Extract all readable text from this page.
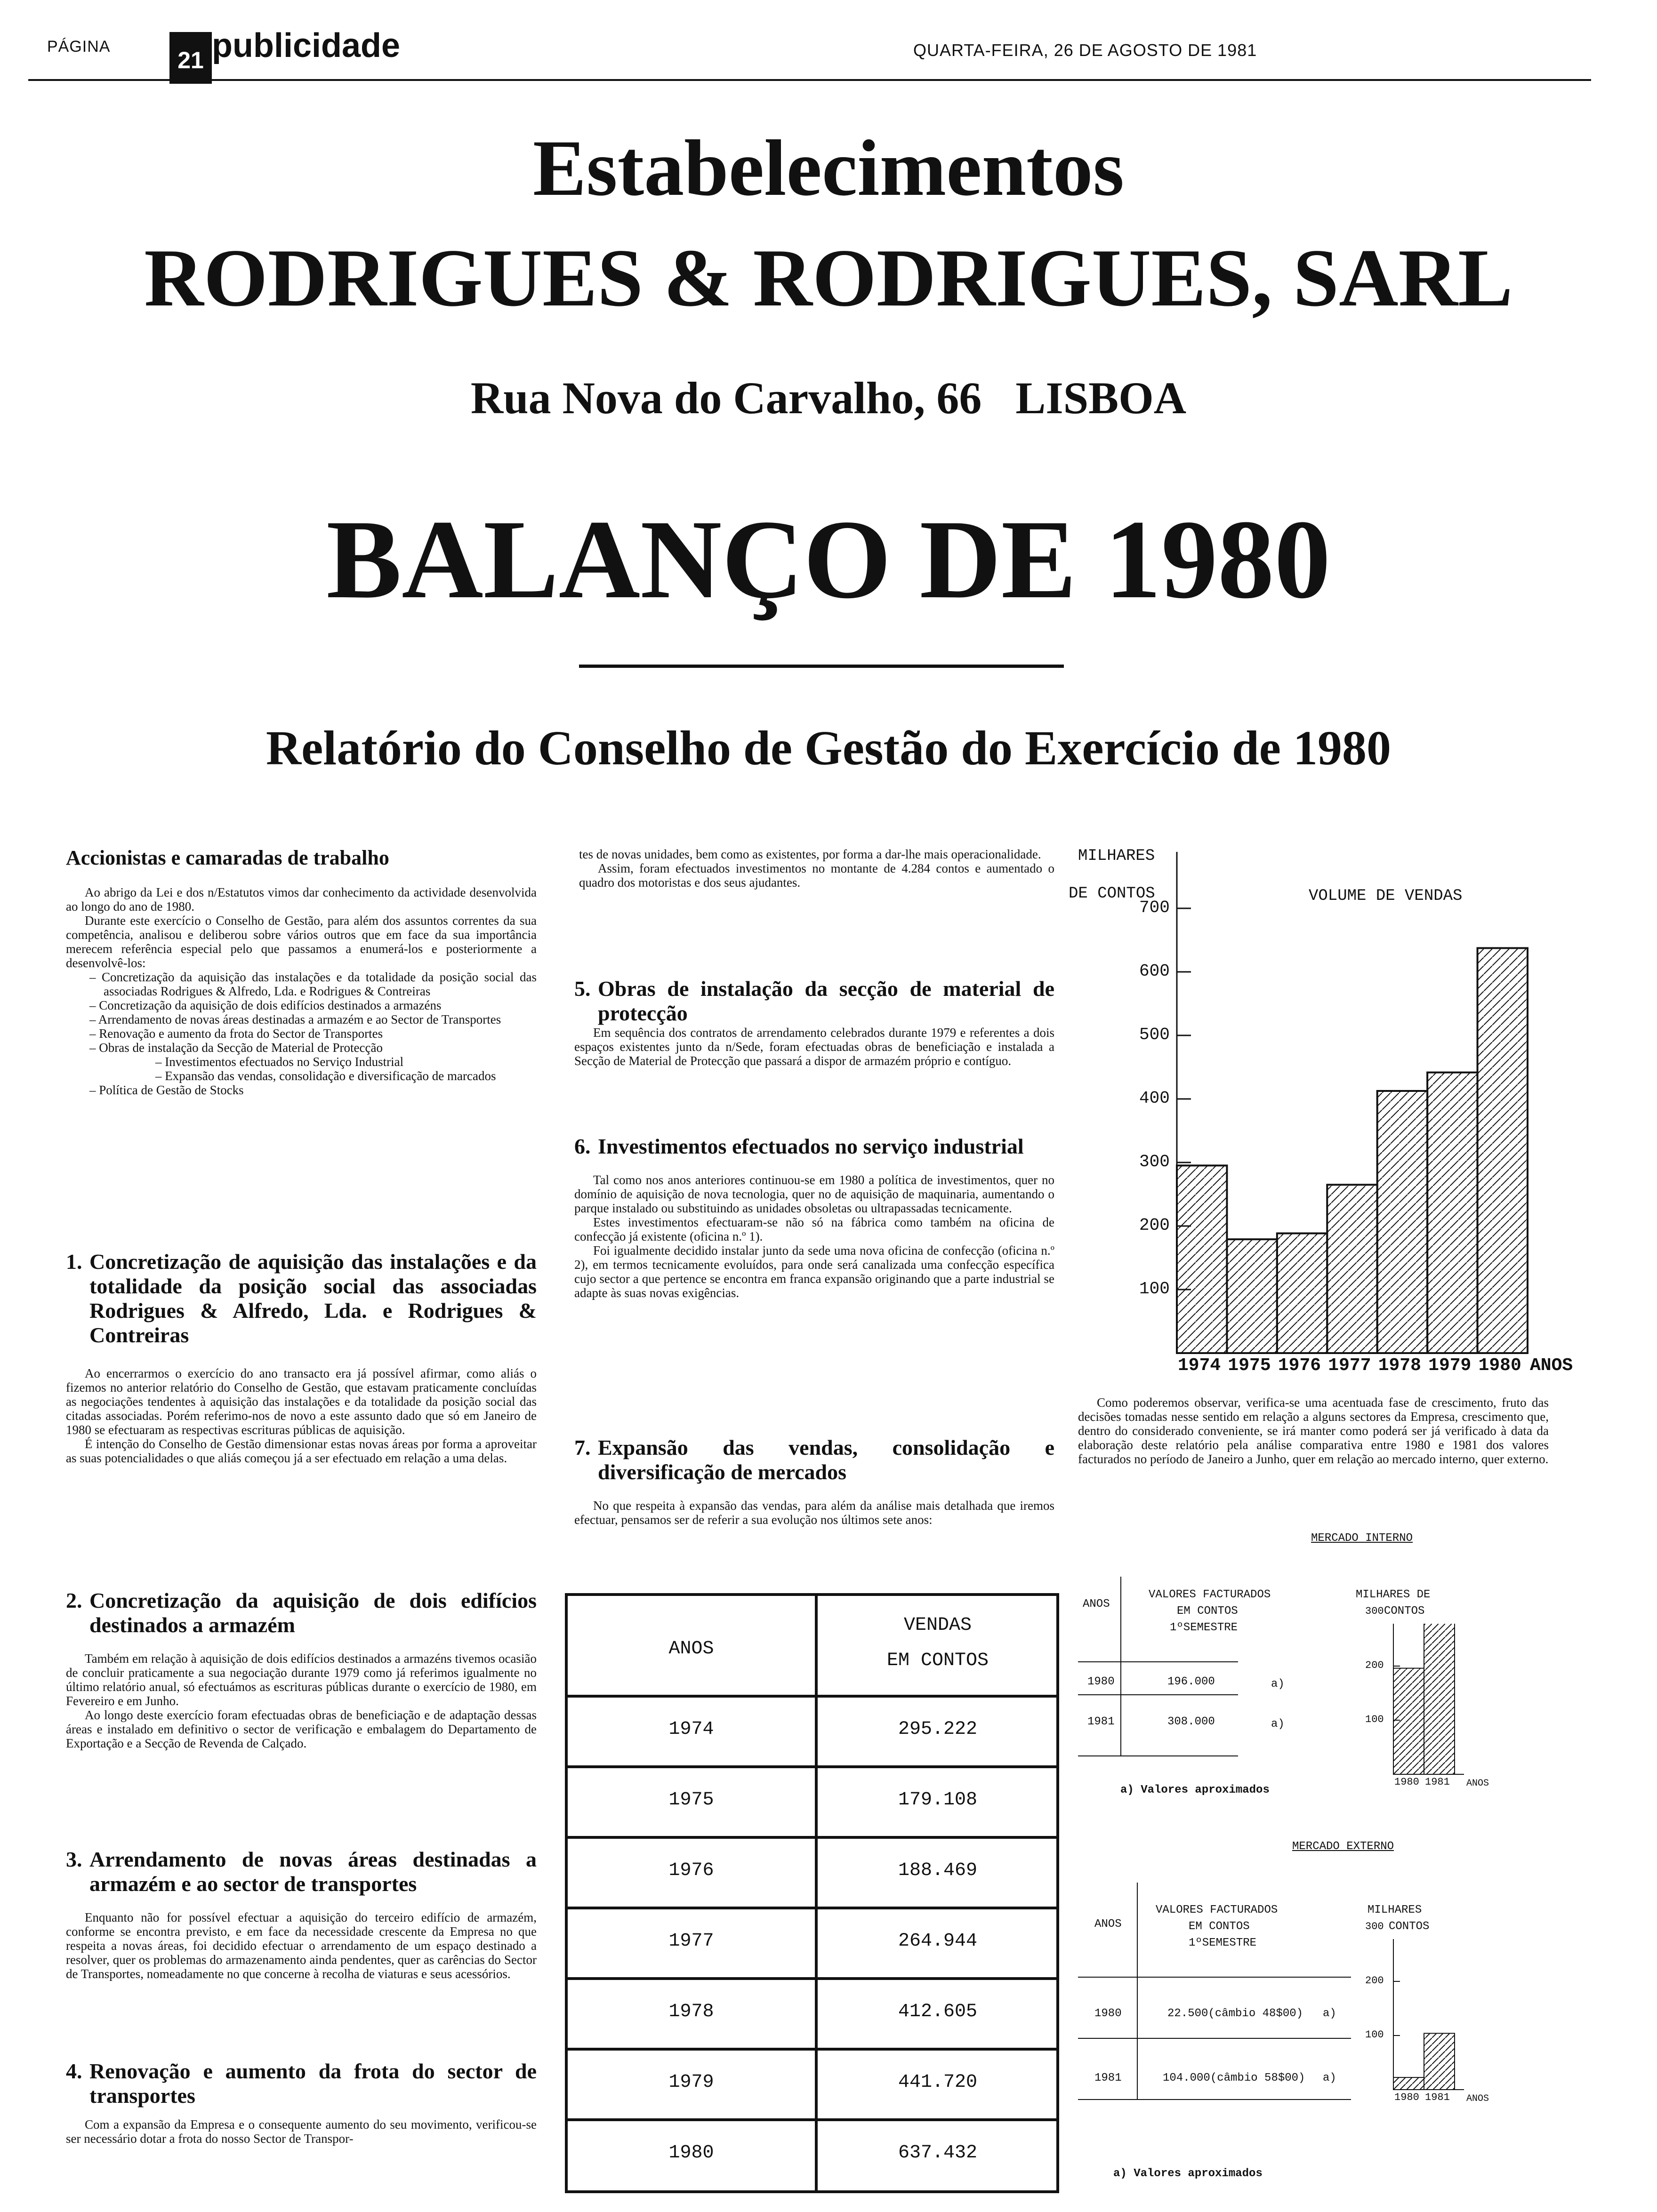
PÁGINA
21 publicidade	QUARTA-FEIRA, 26 DE AGOSTO DE 1981
Estabelecimentos
RODRIGUES & RODRIGUES, SARL
Rua Nova do Carvalho, 66   LISBOA
BALANÇO DE 1980
Relatório do Conselho de Gestão do Exercício de 1980
Accionistas e camaradas de trabalho

Ao abrigo da Lei e dos n/Estatutos vimos dar conhecimento da actividade desenvolvida ao longo do ano de 1980.

Durante este exercício o Conselho de Gestão, para além dos assuntos correntes da sua competência, analisou e deliberou sobre vários outros que em face da sua importância merecem referência especial pelo que passamos a enumerá-los e posteriormente a desenvolvê-los:

– Concretização da aquisição das instalações e da totalidade da posição social das associadas Rodrigues & Alfredo, Lda. e Rodrigues & Contreiras
– Concretização da aquisição de dois edifícios destinados a armazéns
– Arrendamento de novas áreas destinadas a armazém e ao Sector de Transportes
– Renovação e aumento da frota do Sector de Transportes
– Obras de instalação da Secção de Material de Protecção
– Investimentos efectuados no Serviço Industrial
– Expansão das vendas, consolidação e diversificação de marcados
– Política de Gestão de Stocks
1. Concretização de aquisição das instalações e da totalidade da posição social das associadas Rodrigues & Alfredo, Lda. e Rodrigues & Contreiras

Ao encerrarmos o exercício do ano transacto era já possível afirmar, como aliás o fizemos no anterior relatório do Conselho de Gestão, que estavam praticamente concluídas as negociações tendentes à aquisição das instalações e da totalidade da posição social das citadas associadas. Porém referimo-nos de novo a este assunto dado que só em Janeiro de 1980 se efectuaram as respectivas escrituras públicas de aquisição.

É intenção do Conselho de Gestão dimensionar estas novas áreas por forma a aproveitar as suas potencialidades o que aliás começou já a ser efectuado em relação a uma delas.

2. Concretização da aquisição de dois edifícios destinados a armazém

Também em relação à aquisição de dois edifícios destinados a armazéns tivemos ocasião de concluir praticamente a sua negociação durante 1979 como já referimos igualmente no último relatório anual, só efectuámos as escrituras públicas durante o exercício de 1980, em Fevereiro e em Junho.

Ao longo deste exercício foram efectuadas obras de beneficiação e de adaptação dessas áreas e instalado em definitivo o sector de verificação e embalagem do Departamento de Exportação e a Secção de Revenda de Calçado.

3. Arrendamento de novas áreas destinadas a armazém e ao sector de transportes

Enquanto não for possível efectuar a aquisição do terceiro edifício de armazém, conforme se encontra previsto, e em face da necessidade crescente da Empresa no que respeita a novas áreas, foi decidido efectuar o arrendamento de um espaço destinado a resolver, quer os problemas do armazenamento ainda pendentes, quer as carências do Sector de Transportes, nomeadamente no que concerne à recolha de viaturas e seus acessórios.

4. Renovação e aumento da frota do sector de transportes

Com a expansão da Empresa e o consequente aumento do seu movimento, verificou-se ser necessário dotar a frota do nosso Sector de Transpor-

tes de novas unidades, bem como as existentes, por forma a dar-lhe mais operacionalidade.

Assim, foram efectuados investimentos no montante de 4.284 contos e aumentado o quadro dos motoristas e dos seus ajudantes.

5. Obras de instalação da secção de material de protecção

Em sequência dos contratos de arrendamento celebrados durante 1979 e referentes a dois espaços existentes junto da n/Sede, foram efectuadas obras de beneficiação e instalada a Secção de Material de Protecção que passará a dispor de armazém próprio e contíguo.

6. Investimentos efectuados no serviço industrial

Tal como nos anos anteriores continuou-se em 1980 a política de investimentos, quer no domínio de aquisição de nova tecnologia, quer no de aquisição de maquinaria, aumentando o parque instalado ou substituindo as unidades obsoletas ou ultrapassadas tecnicamente.

Estes investimentos efectuaram-se não só na fábrica como também na oficina de confecção já existente (oficina n.º 1).

Foi igualmente decidido instalar junto da sede uma nova oficina de confecção (oficina n.º 2), em termos tecnicamente evoluídos, para onde será canalizada uma confecção específica cujo sector a que pertence se encontra em franca expansão originando que a parte industrial se adapte às suas novas exigências.

7. Expansão das vendas, consolidação e diversificação de mercados

No que respeita à expansão das vendas, para além da análise mais detalhada que iremos efectuar, pensamos ser de referir a sua evolução nos últimos sete anos:

ANOS
VENDAS
EM CONTOS
1974	295.222
1975	179.108
1976	188.469
1977	264.944
1978	412.605
1979	441.720
1980	637.432
MILHARES
DE CONTOS	VOLUME DE VENDAS
100
200
300
400
500
600
700
1974 1975 1976 1977 1978 1979 1980 ANOS

Como poderemos observar, verifica-se uma acentuada fase de crescimento, fruto das decisões tomadas nesse sentido em relação a alguns sectores da Empresa, crescimento que, dentro do considerado conveniente, se irá manter como poderá ser já verificado à data da elaboração deste relatório pela análise comparativa entre 1980 e 1981 dos valores facturados no período de Janeiro a Junho, quer em relação ao mercado interno, quer externo.

MERCADO INTERNO
ANOS
VALORES FACTURADOS
EM CONTOS
1ºSEMESTRE
MILHARES DE
CONTOS
1980	196.000	a)
1981	308.000	a)
a) Valores aproximados
100
200
300
1980 1981 ANOS
MERCADO EXTERNO
ANOS
VALORES FACTURADOS
EM CONTOS
1ºSEMESTRE
MILHARES
CONTOS
1980	22.500(câmbio 48$00) a)
1981	104.000(câmbio 58$00) a)
a) Valores aproximados
100
200
300
1980 1981 ANOS
